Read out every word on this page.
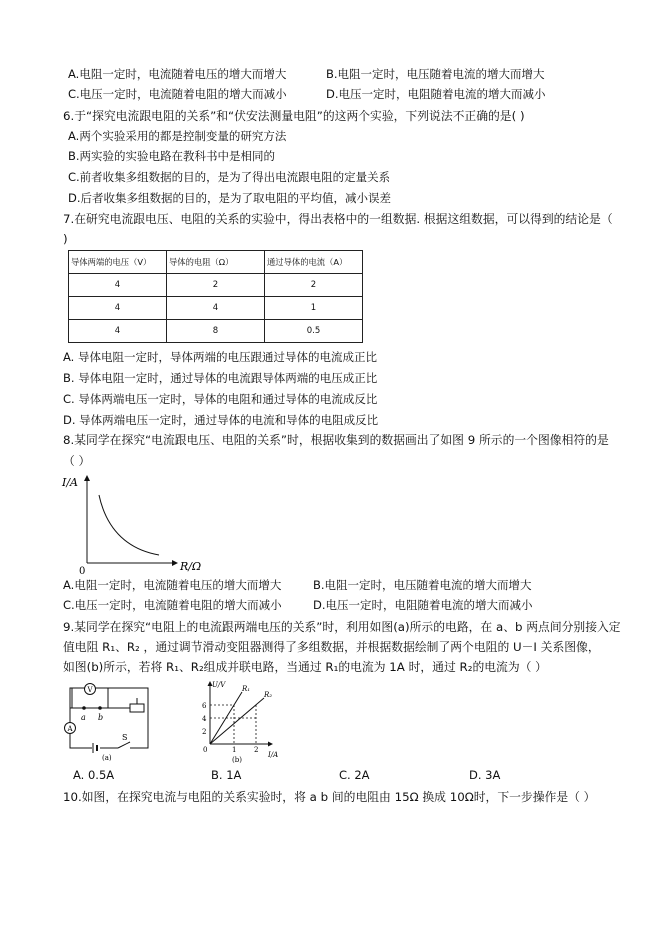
A.电阻一定时，电流随着电压的增大而增大	B.电阻一定时，电压随着电流的增大而增大
C.电压一定时，电流随着电阻的增大而减小	D.电压一定时，电阻随着电流的增大而减小
6.于“探究电流跟电阻的关系”和“伏安法测量电阻”的这两个实验，下列说法不正确的是( )
A.两个实验采用的都是控制变量的研究方法
B.两实验的实验电路在教科书中是相同的
C.前者收集多组数据的目的，是为了得出电流跟电阻的定量关系
D.后者收集多组数据的目的，是为了取电阻的平均值，减小误差
7.在研究电流跟电压、电阻的关系的实验中，得出表格中的一组数据. 根据这组数据，可以得到的结论是（
)
导体两端的电压（V）	导体的电阻（Ω）	通过导体的电流（A）
4	2	2
4	4	1
4	8	0.5
A. 导体电阻一定时，导体两端的电压跟通过导体的电流成正比
B. 导体电阻一定时，通过导体的电流跟导体两端的电压成正比
C. 导体两端电压一定时，导体的电阻和通过导体的电流成反比
D. 导体两端电压一定时，通过导体的电流和导体的电阻成反比
8.某同学在探究“电流跟电压、电阻的关系”时，根据收集到的数据画出了如图 9 所示的一个图像相符的是
（ ）
I/A
R/Ω
0
A.电阻一定时，电流随着电压的增大而增大	B.电阻一定时，电压随着电流的增大而增大
C.电压一定时，电流随着电阻的增大而减小	D.电压一定时，电阻随着电流的增大而减小
9.某同学在探究“电阻上的电流跟两端电压的关系”时，利用如图(a)所示的电路，在 a、b 两点间分别接入定
值电阻 R₁、R₂ ，通过调节滑动变阻器测得了多组数据，并根据数据绘制了两个电阻的 U－I 关系图像，
如图(b)所示，若将 R₁、R₂组成并联电路，当通过 R₁的电流为 1A 时，通过 R₂的电流为（ ）
V
a b
A
S
(a)
U/V
I/A
6
4
2
0	1	2
R₁
R₂
(b)
A. 0.5A	B. 1A	C. 2A	D. 3A
10.如图，在探究电流与电阻的关系实验时，将 a b 间的电阻由 15Ω 换成 10Ω时，下一步操作是（ ）
